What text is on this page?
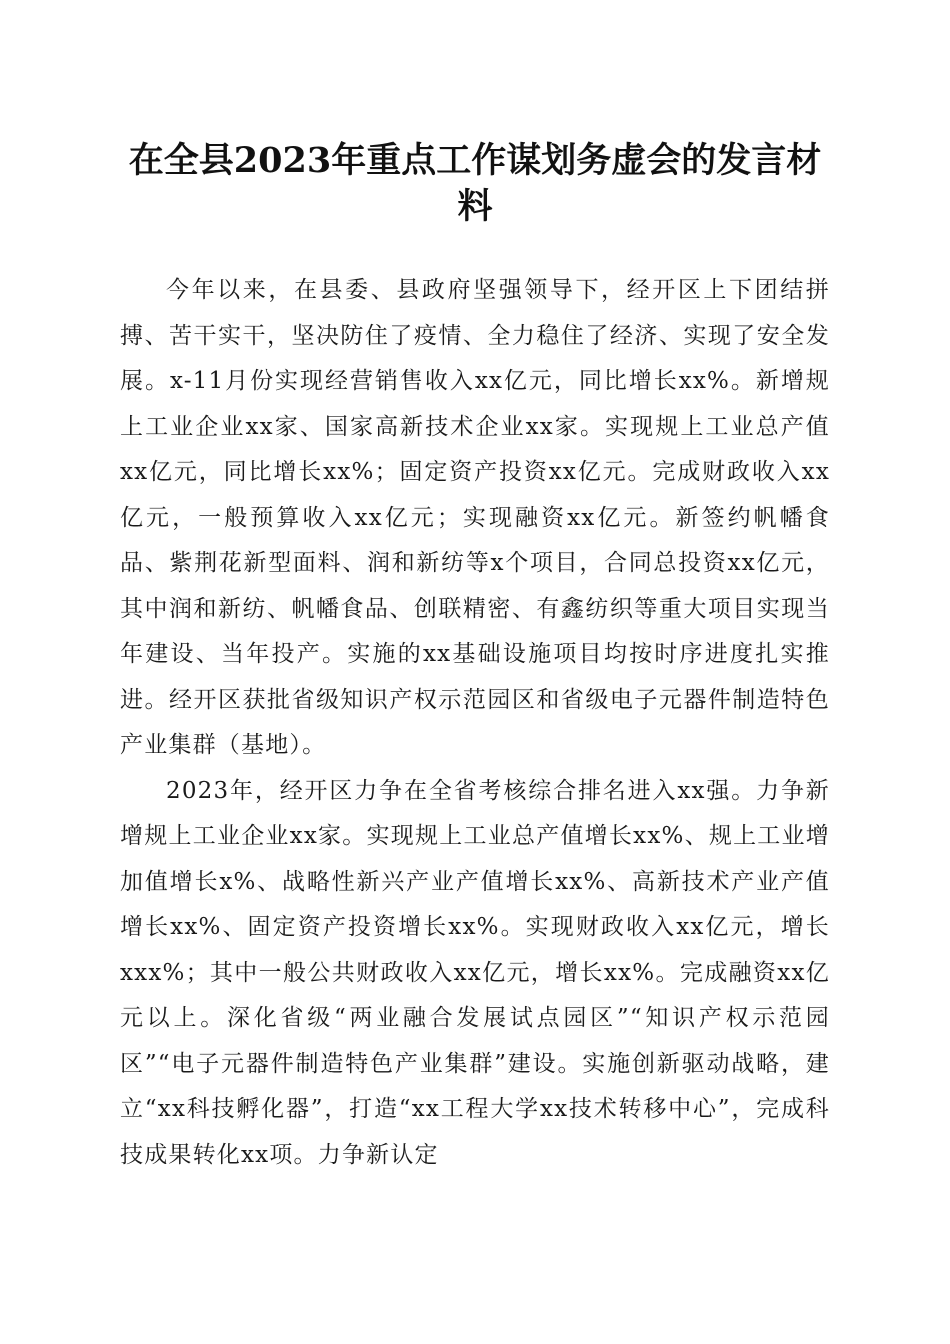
在全县2023年重点工作谋划务虚会的发言材料

今年以来，在县委、县政府坚强领导下，经开区上下团结拼搏、苦干实干，坚决防住了疫情、全力稳住了经济、实现了安全发展。x-11月份实现经营销售收入xx亿元，同比增长xx%。新增规上工业企业xx家、国家高新技术企业xx家。实现规上工业总产值xx亿元，同比增长xx%；固定资产投资xx亿元。完成财政收入xx亿元，一般预算收入xx亿元；实现融资xx亿元。新签约帆幡食品、紫荆花新型面料、润和新纺等x个项目，合同总投资xx亿元，其中润和新纺、帆幡食品、创联精密、有鑫纺织等重大项目实现当年建设、当年投产。实施的xx基础设施项目均按时序进度扎实推进。经开区获批省级知识产权示范园区和省级电子元器件制造特色产业集群（基地）。

2023年，经开区力争在全省考核综合排名进入xx强。力争新增规上工业企业xx家。实现规上工业总产值增长xx%、规上工业增加值增长x%、战略性新兴产业产值增长xx%、高新技术产业产值增长xx%、固定资产投资增长xx%。实现财政收入xx亿元，增长xxx%；其中一般公共财政收入xx亿元，增长xx%。完成融资xx亿元以上。深化省级“两业融合发展试点园区”“知识产权示范园区”“电子元器件制造特色产业集群”建设。实施创新驱动战略，建立“xx科技孵化器”，打造“xx工程大学xx技术转移中心”，完成科技成果转化xx项。力争新认定
